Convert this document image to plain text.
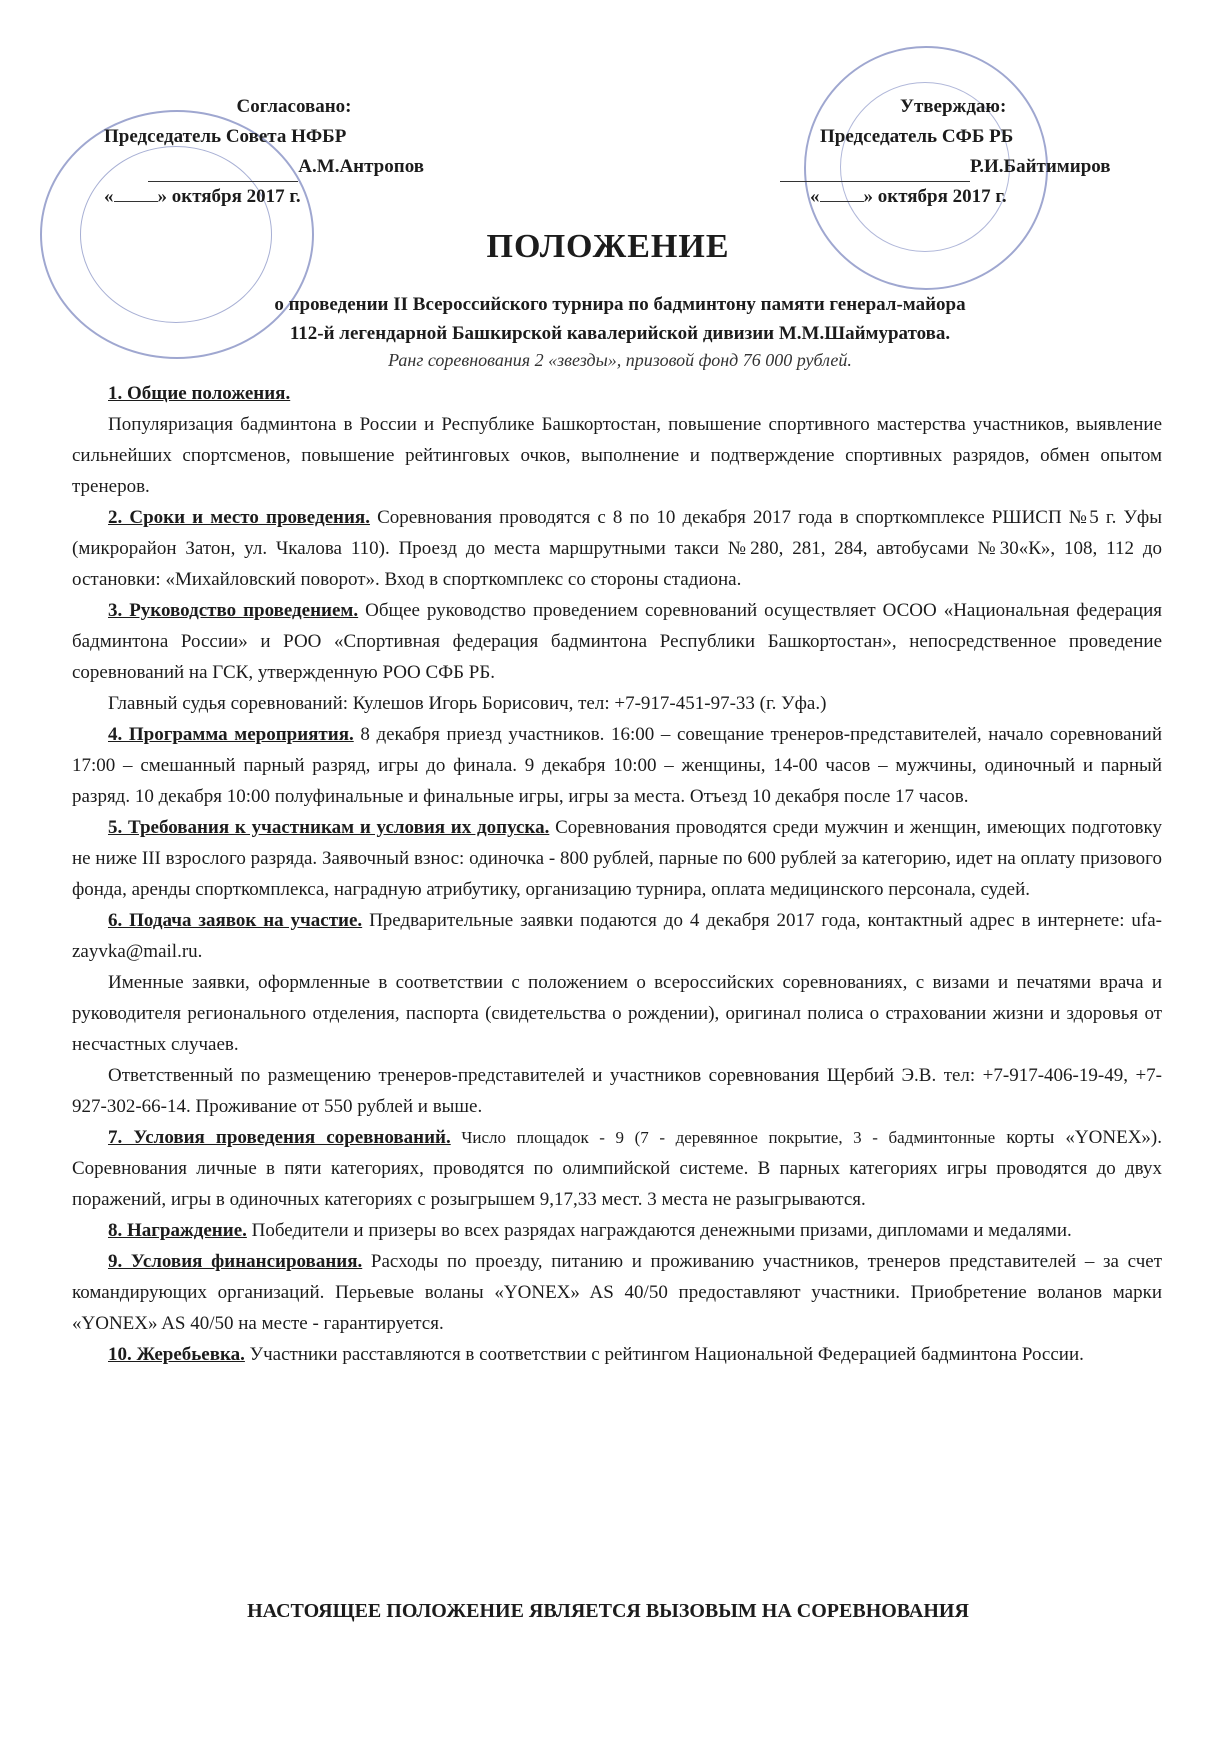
Согласовано:
Председатель Совета НФБР
А.М.Антропов
« » октября 2017 г.
Утверждаю:
Председатель СФБ РБ
Р.И.Байтимиров
« » октября 2017 г.
ПОЛОЖЕНИЕ
о проведении II Всероссийского турнира по бадминтону памяти генерал-майора
112-й легендарной Башкирской кавалерийской дивизии М.М.Шаймуратова.
Ранг соревнования 2 «звезды», призовой фонд 76 000 рублей.

1. Общие положения.

Популяризация бадминтона в России и Республике Башкортостан, повышение спортивного мастерства участников, выявление сильнейших спортсменов, повышение рейтинговых очков, выполнение и подтверждение спортивных разрядов, обмен опытом тренеров.

2. Сроки и место проведения. Соревнования проводятся с 8 по 10 декабря 2017 года в спорткомплексе РШИСП №5 г. Уфы (микрорайон Затон, ул. Чкалова 110). Проезд до места маршрутными такси №280, 281, 284, автобусами №30«К», 108, 112 до остановки: «Михайловский поворот». Вход в спорткомплекс со стороны стадиона.

3. Руководство проведением. Общее руководство проведением соревнований осуществляет ОСОО «Национальная федерация бадминтона России» и РОО «Спортивная федерация бадминтона Республики Башкортостан», непосредственное проведение соревнований на ГСК, утвержденную РОО СФБ РБ.

Главный судья соревнований: Кулешов Игорь Борисович, тел: +7-917-451-97-33 (г. Уфа.)

4. Программа мероприятия. 8 декабря приезд участников. 16:00 – совещание тренеров-представителей, начало соревнований 17:00 – смешанный парный разряд, игры до финала. 9 декабря 10:00 – женщины, 14-00 часов – мужчины, одиночный и парный разряд. 10 декабря 10:00 полуфинальные и финальные игры, игры за места. Отъезд 10 декабря после 17 часов.

5. Требования к участникам и условия их допуска. Соревнования проводятся среди мужчин и женщин, имеющих подготовку не ниже III взрослого разряда. Заявочный взнос: одиночка - 800 рублей, парные по 600 рублей за категорию, идет на оплату призового фонда, аренды спорткомплекса, наградную атрибутику, организацию турнира, оплата медицинского персонала, судей.

6. Подача заявок на участие. Предварительные заявки подаются до 4 декабря 2017 года, контактный адрес в интернете: ufa-zayvka@mail.ru.

Именные заявки, оформленные в соответствии с положением о всероссийских соревнованиях, с визами и печатями врача и руководителя регионального отделения, паспорта (свидетельства о рождении), оригинал полиса о страховании жизни и здоровья от несчастных случаев.

Ответственный по размещению тренеров-представителей и участников соревнования Щербий Э.В. тел: +7-917-406-19-49, +7-927-302-66-14. Проживание от 550 рублей и выше.

7. Условия проведения соревнований. Число площадок - 9 (7 - деревянное покрытие, 3 - бадминтонные корты «YONEX»). Соревнования личные в пяти категориях, проводятся по олимпийской системе. В парных категориях игры проводятся до двух поражений, игры в одиночных категориях с розыгрышем 9,17,33 мест. 3 места не разыгрываются.

8. Награждение. Победители и призеры во всех разрядах награждаются денежными призами, дипломами и медалями.

9. Условия финансирования. Расходы по проезду, питанию и проживанию участников, тренеров представителей – за счет командирующих организаций. Перьевые воланы «YONEX» AS 40/50 предоставляют участники. Приобретение воланов марки «YONEX» AS 40/50 на месте - гарантируется.

10. Жеребьевка. Участники расставляются в соответствии с рейтингом Национальной Федерацией бадминтона России.

НАСТОЯЩЕЕ ПОЛОЖЕНИЕ ЯВЛЯЕТСЯ ВЫЗОВЫМ НА СОРЕВНОВАНИЯ
